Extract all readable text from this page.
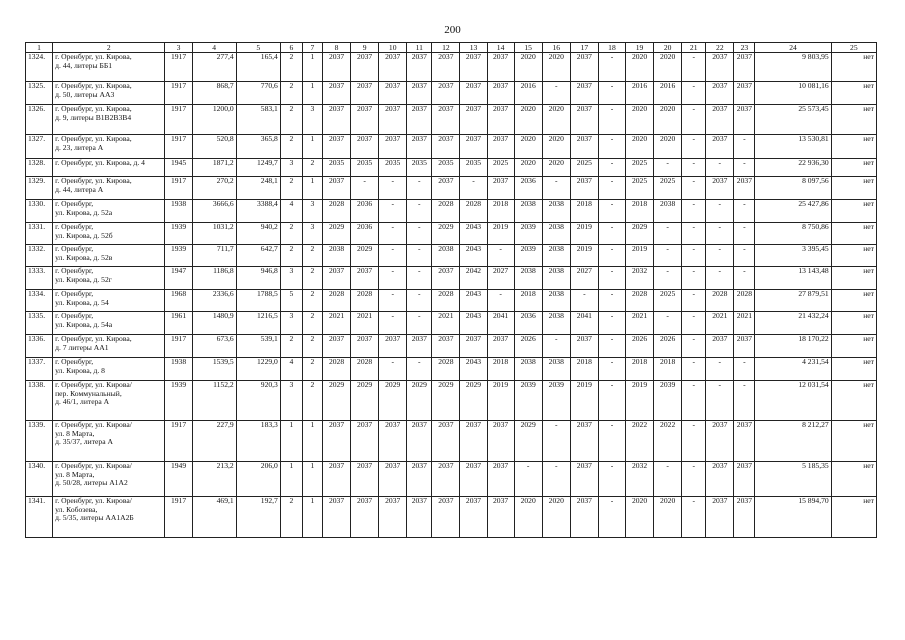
200
1	2	3	4	5	6	7	8	9	10	11	12	13	14	15	16	17	18	19	20	21	22	23	24	25
1324.	г. Оренбург, ул. Кирова,
д. 44, литеры ББ1	1917	277,4	165,4	2	1	2037	2037	2037	2037	2037	2037	2037	2020	2020	2037	-	2020	2020	-	2037	2037	9 803,95	нет
1325.	г. Оренбург, ул. Кирова,
д. 50, литеры АА3	1917	868,7	770,6	2	1	2037	2037	2037	2037	2037	2037	2037	2016	-	2037	-	2016	2016	-	2037	2037	10 081,16	нет
1326.	г. Оренбург, ул. Кирова,
д. 9, литеры В1В2В3В4	1917	1200,0	583,1	2	3	2037	2037	2037	2037	2037	2037	2037	2020	2020	2037	-	2020	2020	-	2037	2037	25 573,45	нет
1327.	г. Оренбург, ул. Кирова,
д. 23, литера А	1917	520,8	365,8	2	1	2037	2037	2037	2037	2037	2037	2037	2020	2020	2037	-	2020	2020	-	2037	-	13 530,81	нет
1328.	г. Оренбург, ул. Кирова, д. 4	1945	1871,2	1249,7	3	2	2035	2035	2035	2035	2035	2035	2025	2020	2020	2025	-	2025	-	-	-	-	22 936,30	нет
1329.	г. Оренбург, ул. Кирова,
д. 44, литера А	1917	270,2	248,1	2	1	2037	-	-	-	2037	-	2037	2036	-	2037	-	2025	2025	-	2037	2037	8 097,56	нет
1330.	г. Оренбург,
ул. Кирова, д. 52а	1938	3666,6	3388,4	4	3	2028	2036	-	-	2028	2028	2018	2038	2038	2018	-	2018	2038	-	-	-	25 427,86	нет
1331.	г. Оренбург,
ул. Кирова, д. 52б	1939	1031,2	940,2	2	3	2029	2036	-	-	2029	2043	2019	2039	2038	2019	-	2029	-	-	-	-	8 750,86	нет
1332.	г. Оренбург,
ул. Кирова, д. 52в	1939	711,7	642,7	2	2	2038	2029	-	-	2038	2043	-	2039	2038	2019	-	2019	-	-	-	-	3 395,45	нет
1333.	г. Оренбург,
ул. Кирова, д. 52г	1947	1186,8	946,8	3	2	2037	2037	-	-	2037	2042	2027	2038	2038	2027	-	2032	-	-	-	-	13 143,48	нет
1334.	г. Оренбург,
ул. Кирова, д. 54	1968	2336,6	1788,5	5	2	2028	2028	-	-	2028	2043	-	2018	2038	-	-	2028	2025	-	2028	2028	27 879,51	нет
1335.	г. Оренбург,
ул. Кирова, д. 54а	1961	1480,9	1216,5	3	2	2021	2021	-	-	2021	2043	2041	2036	2038	2041	-	2021	-	-	2021	2021	21 432,24	нет
1336.	г. Оренбург, ул. Кирова,
д. 7 литеры АА1	1917	673,6	539,1	2	2	2037	2037	2037	2037	2037	2037	2037	2026	-	2037	-	2026	2026	-	2037	2037	18 170,22	нет
1337.	г. Оренбург,
ул. Кирова, д. 8	1938	1539,5	1229,0	4	2	2028	2028	-	-	2028	2043	2018	2038	2038	2018	-	2018	2018	-	-	-	4 231,54	нет
1338.	г. Оренбург, ул. Кирова/
пер. Коммунальный,
д. 46/1, литера А	1939	1152,2	920,3	3	2	2029	2029	2029	2029	2029	2029	2019	2039	2039	2019	-	2019	2039	-	-	-	12 031,54	нет
1339.	г. Оренбург, ул. Кирова/
ул. 8 Марта,
д. 35/37, литера А	1917	227,9	183,3	1	1	2037	2037	2037	2037	2037	2037	2037	2029	-	2037	-	2022	2022	-	2037	2037	8 212,27	нет
1340.	г. Оренбург, ул. Кирова/
ул. 8 Марта,
д. 50/28, литеры А1А2	1949	213,2	206,0	1	1	2037	2037	2037	2037	2037	2037	2037	-	-	2037	-	2032	-	-	2037	2037	5 185,35	нет
1341.	г. Оренбург, ул. Кирова/
ул. Кобозева,
д. 5/35, литеры АА1А2Б	1917	469,1	192,7	2	1	2037	2037	2037	2037	2037	2037	2037	2020	2020	2037	-	2020	2020	-	2037	2037	15 894,70	нет
